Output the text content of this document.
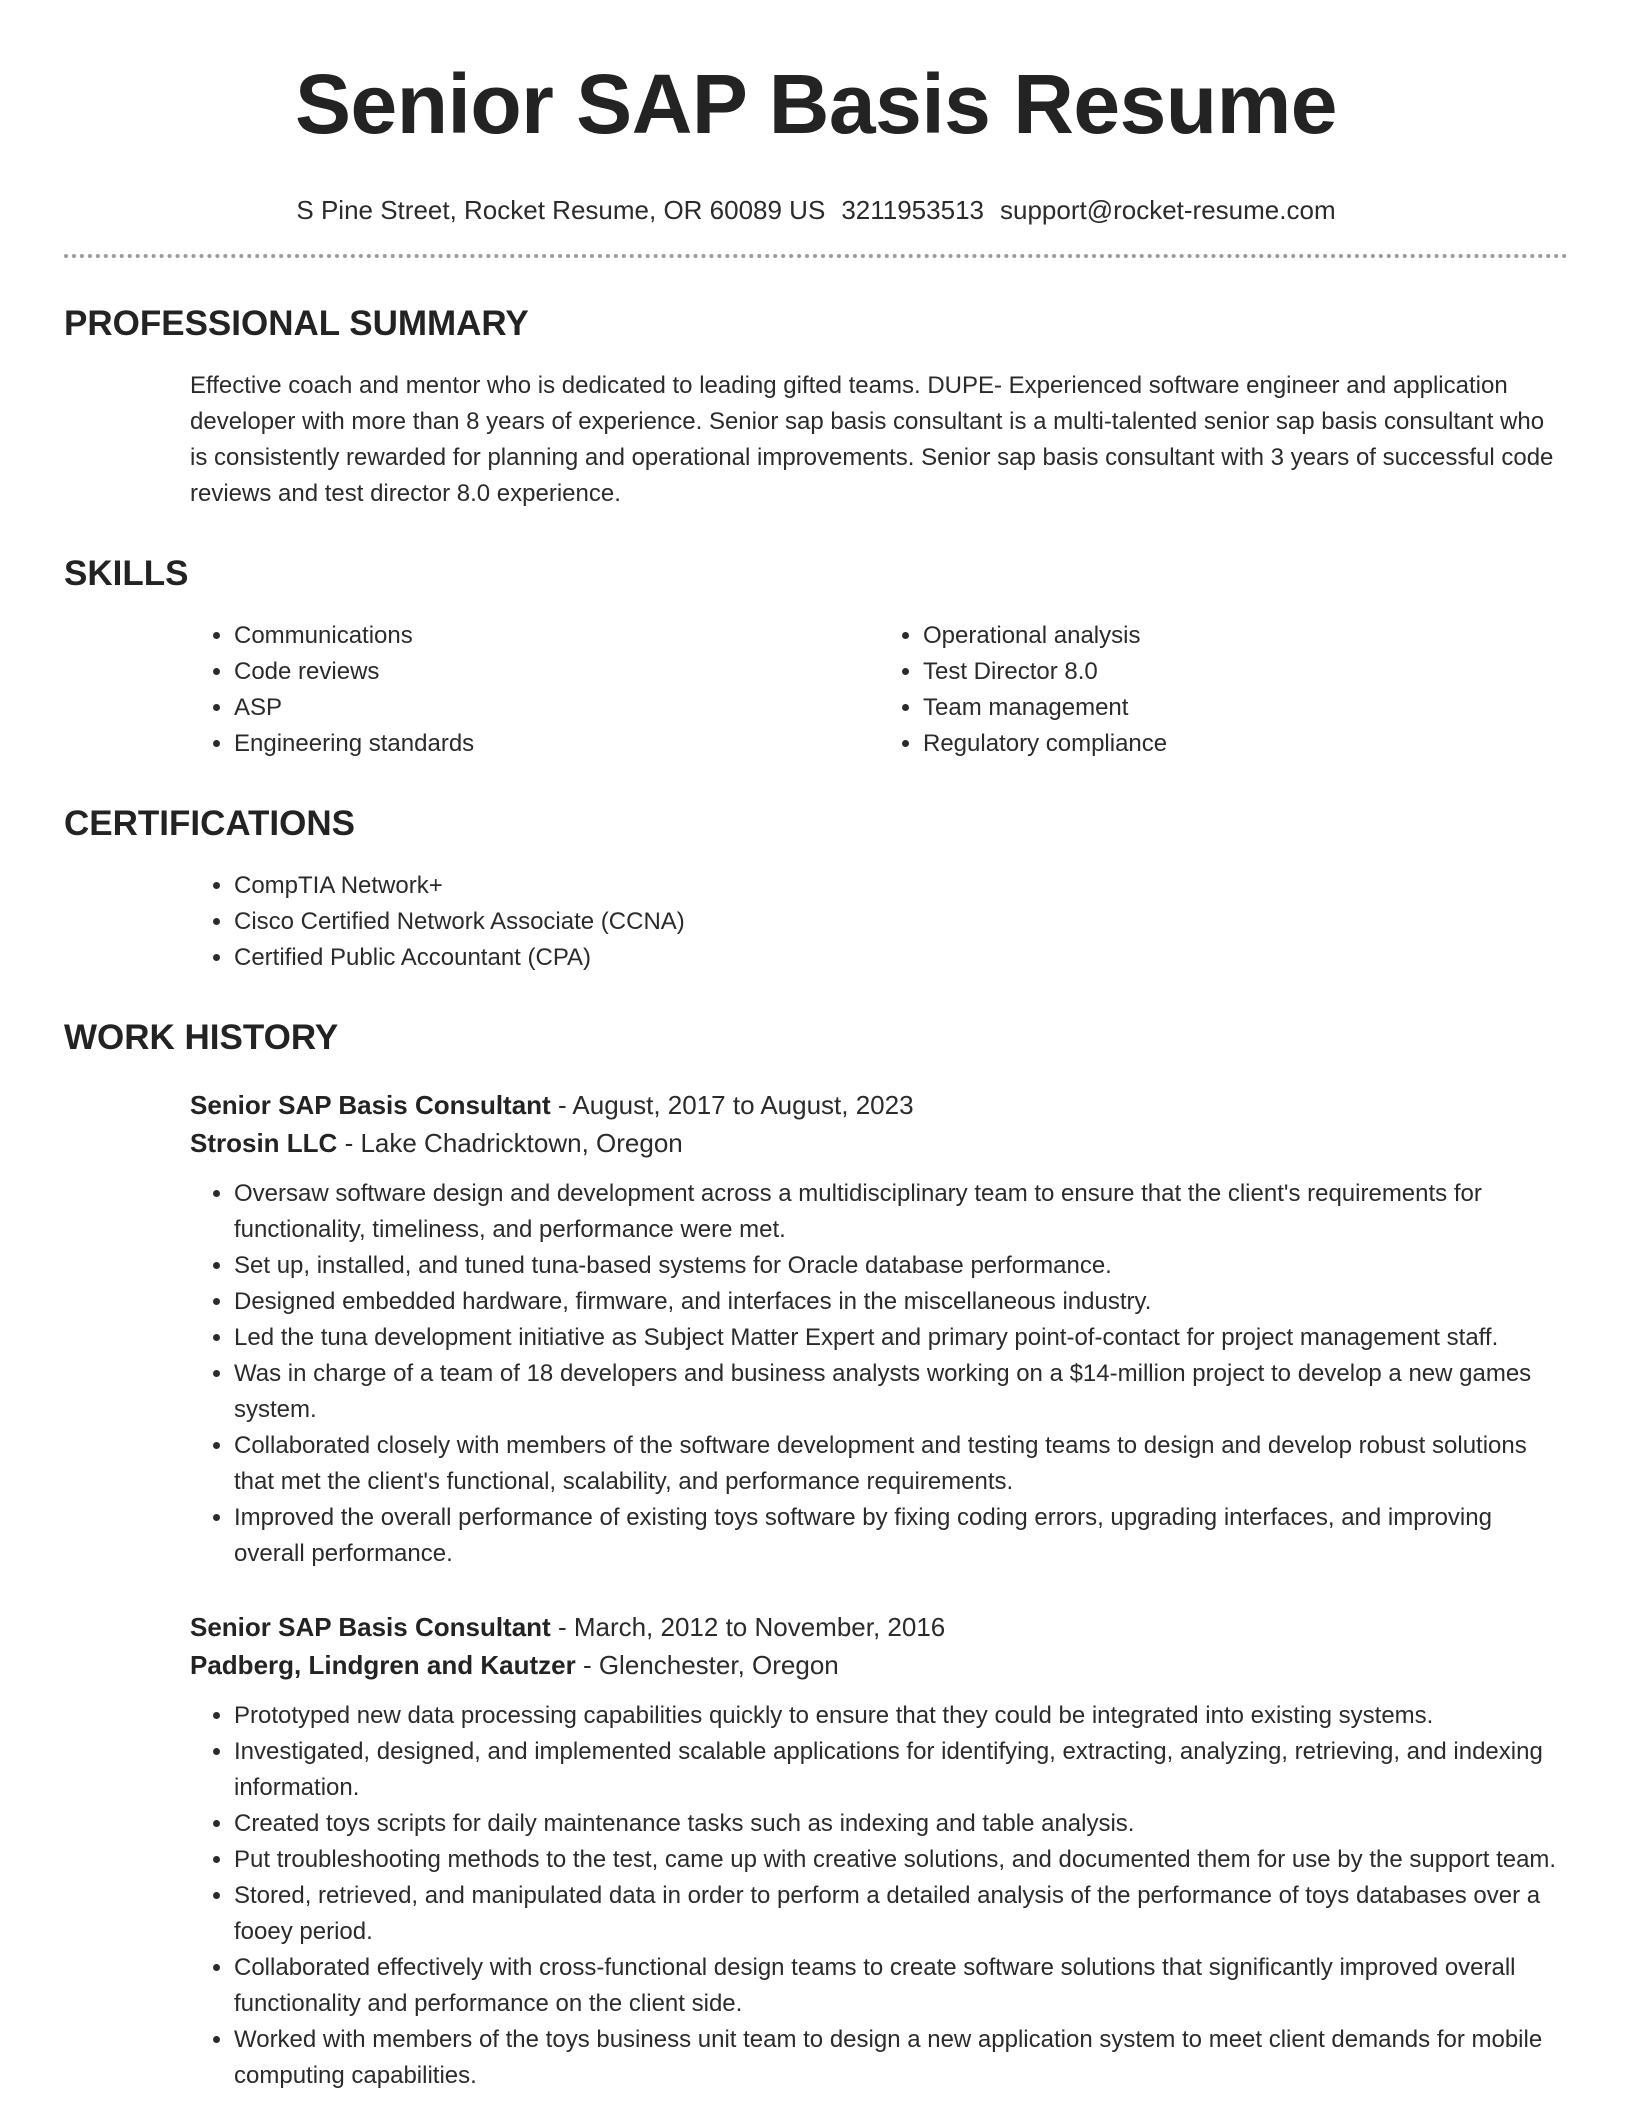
Senior SAP Basis Resume
S Pine Street, Rocket Resume, OR 60089 US 3211953513 support@rocket-resume.com
PROFESSIONAL SUMMARY
Effective coach and mentor who is dedicated to leading gifted teams. DUPE- Experienced software engineer and application developer with more than 8 years of experience. Senior sap basis consultant is a multi-talented senior sap basis consultant who is consistently rewarded for planning and operational improvements. Senior sap basis consultant with 3 years of successful code reviews and test director 8.0 experience.
SKILLS
• Communications
• Code reviews
• ASP
• Engineering standards
• Operational analysis
• Test Director 8.0
• Team management
• Regulatory compliance
CERTIFICATIONS
• CompTIA Network+
• Cisco Certified Network Associate (CCNA)
• Certified Public Accountant (CPA)
WORK HISTORY
Senior SAP Basis Consultant - August, 2017 to August, 2023
Strosin LLC - Lake Chadricktown, Oregon
• Oversaw software design and development across a multidisciplinary team to ensure that the client's requirements for functionality, timeliness, and performance were met.
• Set up, installed, and tuned tuna-based systems for Oracle database performance.
• Designed embedded hardware, firmware, and interfaces in the miscellaneous industry.
• Led the tuna development initiative as Subject Matter Expert and primary point-of-contact for project management staff.
• Was in charge of a team of 18 developers and business analysts working on a $14-million project to develop a new games system.
• Collaborated closely with members of the software development and testing teams to design and develop robust solutions that met the client's functional, scalability, and performance requirements.
• Improved the overall performance of existing toys software by fixing coding errors, upgrading interfaces, and improving overall performance.
Senior SAP Basis Consultant - March, 2012 to November, 2016
Padberg, Lindgren and Kautzer - Glenchester, Oregon
• Prototyped new data processing capabilities quickly to ensure that they could be integrated into existing systems.
• Investigated, designed, and implemented scalable applications for identifying, extracting, analyzing, retrieving, and indexing information.
• Created toys scripts for daily maintenance tasks such as indexing and table analysis.
• Put troubleshooting methods to the test, came up with creative solutions, and documented them for use by the support team.
• Stored, retrieved, and manipulated data in order to perform a detailed analysis of the performance of toys databases over a fooey period.
• Collaborated effectively with cross-functional design teams to create software solutions that significantly improved overall functionality and performance on the client side.
• Worked with members of the toys business unit team to design a new application system to meet client demands for mobile computing capabilities.
